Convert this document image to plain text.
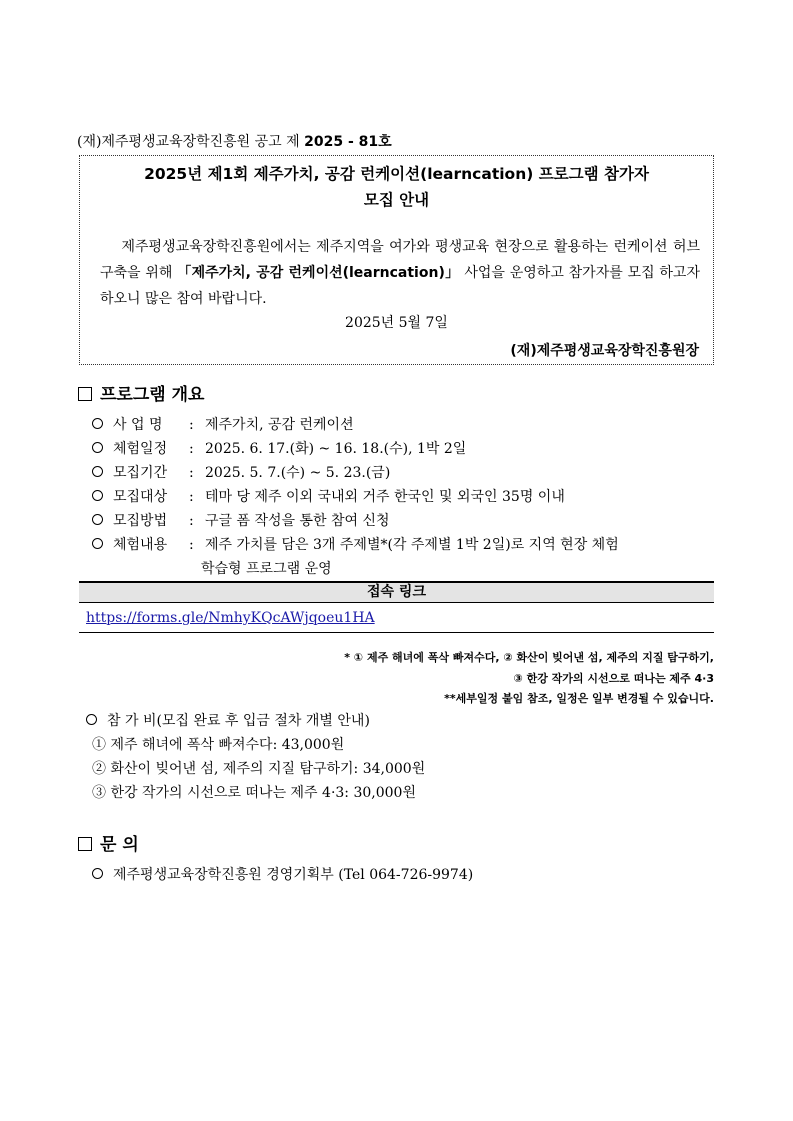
(재)제주평생교육장학진흥원 공고 제 2025 - 81호
2025년 제1회 제주가치, 공감 런케이션(learncation) 프로그램 참가자
모집 안내
제주평생교육장학진흥원에서는 제주지역을 여가와 평생교육 현장으로 활용하는 런케이션 허브 구축을 위해 「제주가치, 공감 런케이션(learncation)」 사업을 운영하고 참가자를 모집 하고자 하오니 많은 참여 바랍니다.
2025년 5월 7일
(재)제주평생교육장학진흥원장
프로그램 개요
사 업 명 : 제주가치, 공감 런케이션
체험일정 : 2025. 6. 17.(화) ~ 16. 18.(수), 1박 2일
모집기간 : 2025. 5. 7.(수) ~ 5. 23.(금)
모집대상 : 테마 당 제주 이외 국내외 거주 한국인 및 외국인 35명 이내
모집방법 : 구글 폼 작성을 통한 참여 신청
체험내용 : 제주 가치를 담은 3개 주제별*(각 주제별 1박 2일)로 지역 현장 체험
학습형 프로그램 운영
접속 링크
https://forms.gle/NmhyKQcAWjqoeu1HA
* ① 제주 해녀에 폭삭 빠져수다, ② 화산이 빚어낸 섬, 제주의 지질 탐구하기,
③ 한강 작가의 시선으로 떠나는 제주 4·3
**세부일정 붙임 참조, 일정은 일부 변경될 수 있습니다.
참 가 비(모집 완료 후 입금 절차 개별 안내)
① 제주 해녀에 폭삭 빠져수다: 43,000원
② 화산이 빚어낸 섬, 제주의 지질 탐구하기: 34,000원
③ 한강 작가의 시선으로 떠나는 제주 4·3: 30,000원
문 의
제주평생교육장학진흥원 경영기획부 (Tel 064-726-9974)
